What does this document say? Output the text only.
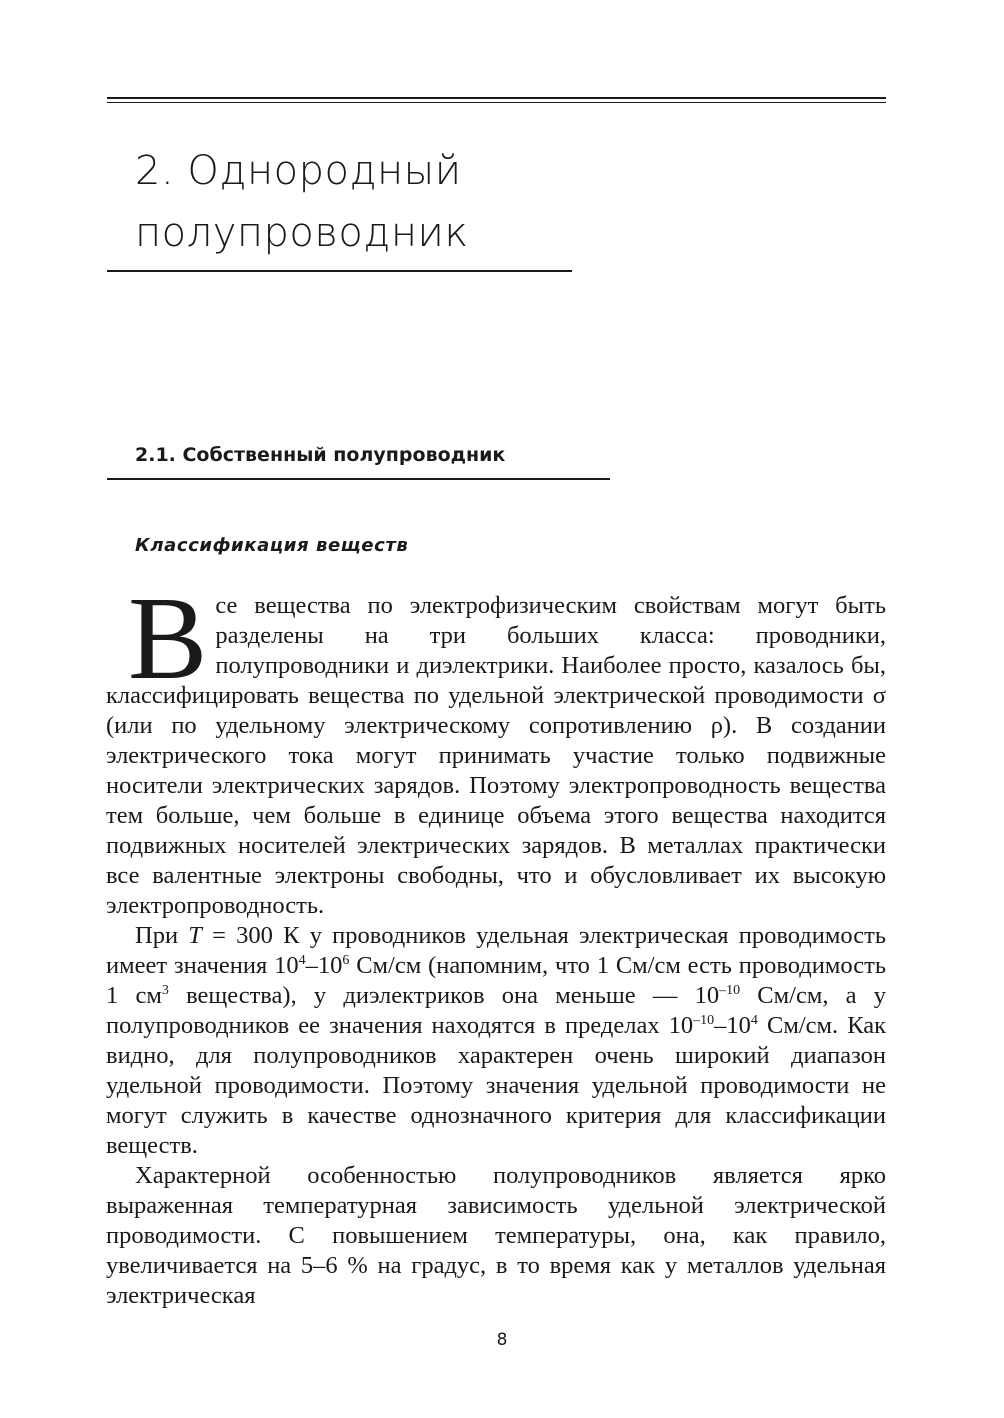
2. Однородный
полупроводник
2.1. Собственный полупроводник
Классификация веществ

Все вещества по электрофизическим свойствам могут быть разделены на три больших класса: проводники, полупроводники и диэлектрики. Наиболее просто, казалось бы, классифицировать вещества по удельной электрической проводимости σ (или по удельному электрическому сопротивлению ρ). В создании электрического тока могут принимать участие только подвижные носители электрических зарядов. Поэтому электропроводность вещества тем больше, чем больше в единице объема этого вещества находится подвижных носителей электрических зарядов. В металлах практически все валентные электроны свободны, что и обусловливает их высокую электропроводность.

При T = 300 К у проводников удельная электрическая проводимость имеет значения $10^4-10^6$ См/см (напомним, что 1 См/см есть проводимость 1 $см^3$ вещества), у диэлектриков она меньше — $10^{-10}$ См/см, а у полупроводников ее значения находятся в пределах $10^{-10}-10^4$ См/см. Как видно, для полупроводников характерен очень широкий диапазон удельной проводимости. Поэтому значения удельной проводимости не могут служить в качестве однозначного критерия для классификации веществ.

Характерной особенностью полупроводников является ярко выраженная температурная зависимость удельной электрической проводимости. С повышением температуры, она, как правило, увеличивается на 5–6 % на градус, в то время как у металлов удельная электрическая

8
